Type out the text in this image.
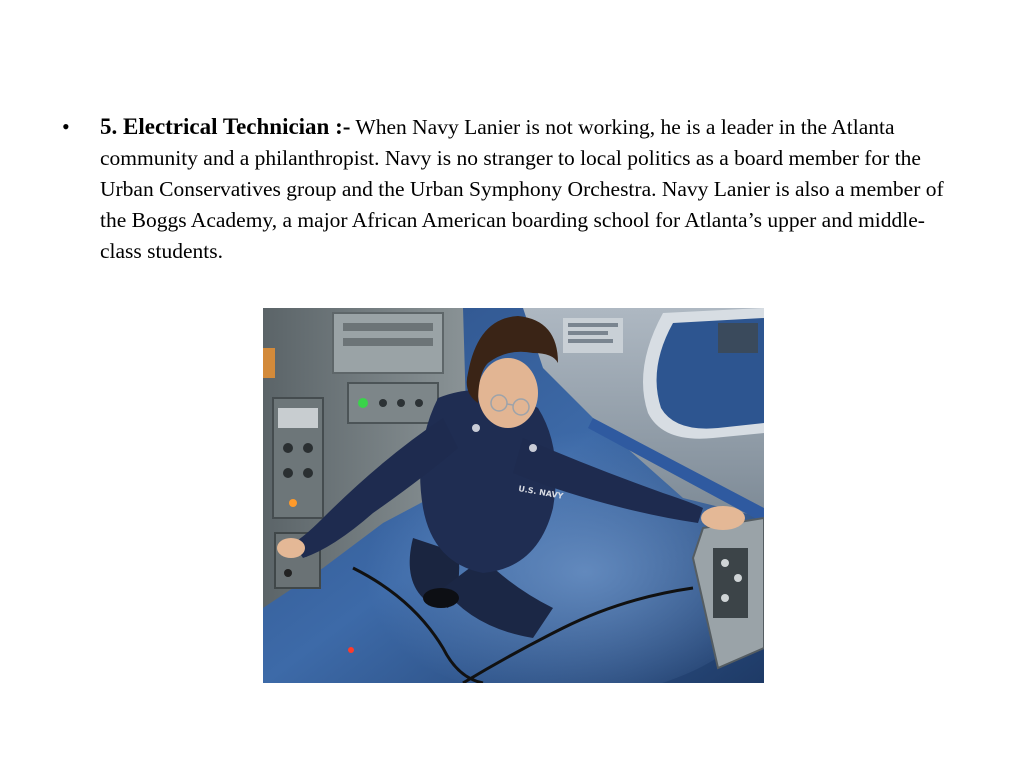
• 5. Electrical Technician :- When Navy Lanier is not working, he is a leader in the Atlanta community and a philanthropist. Navy is no stranger to local politics as a board member for the Urban Conservatives group and the Urban Symphony Orchestra. Navy Lanier is also a member of the Boggs Academy, a major African American boarding school for Atlanta’s upper and middle-class students.
U.S. NAVY
